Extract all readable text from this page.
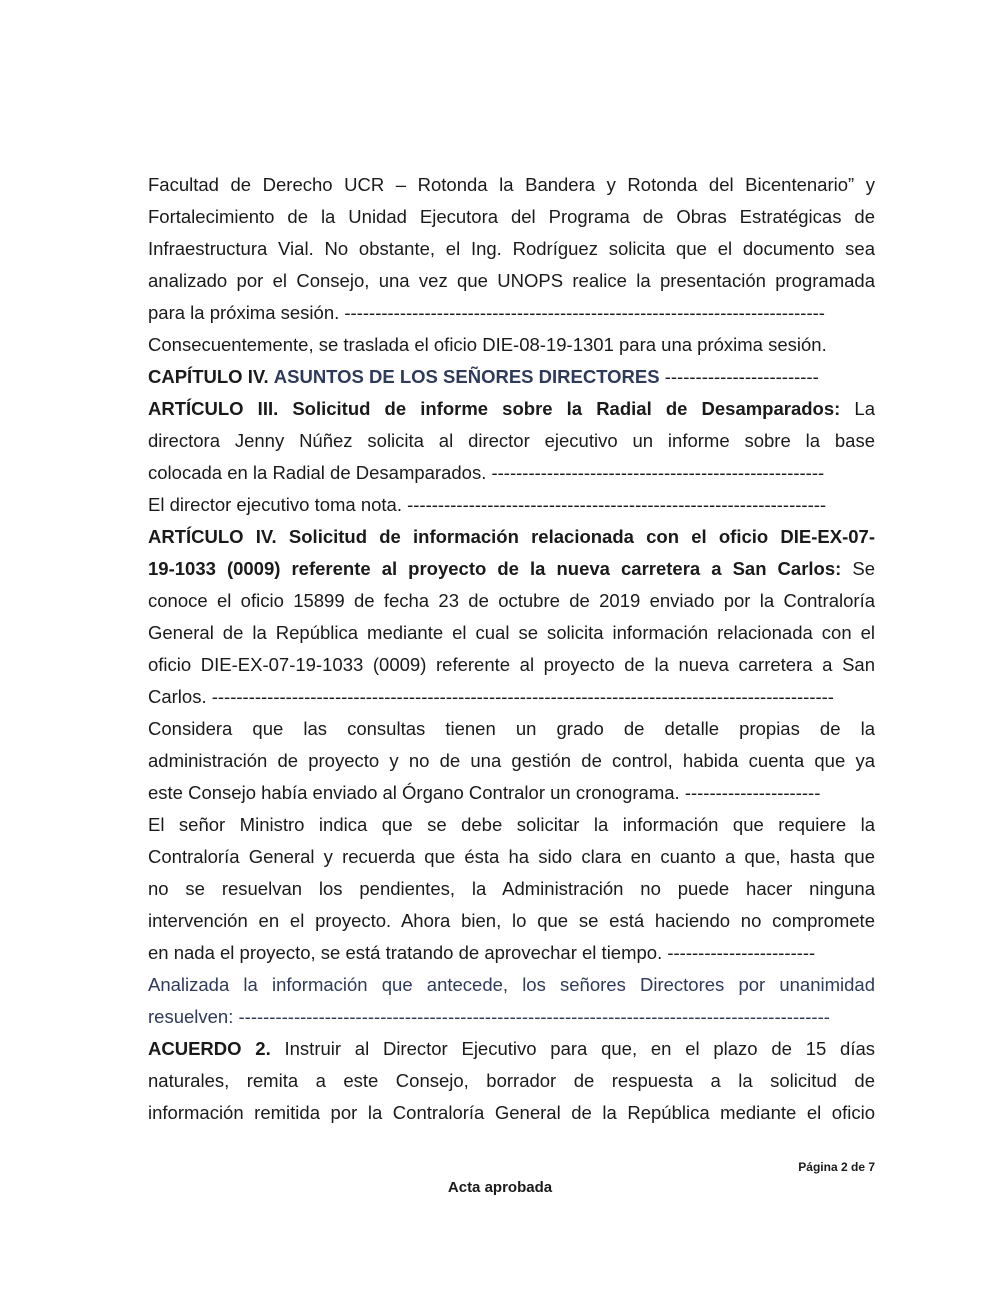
Facultad de Derecho UCR – Rotonda la Bandera y Rotonda del Bicentenario” y
Fortalecimiento de la Unidad Ejecutora del Programa de Obras Estratégicas de
Infraestructura Vial. No obstante, el Ing. Rodríguez solicita que el documento sea
analizado por el Consejo, una vez que UNOPS realice la presentación programada
para la próxima sesión. ------------------------------------------------------------------------------
Consecuentemente, se traslada el oficio DIE-08-19-1301 para una próxima sesión.
CAPÍTULO IV. ASUNTOS DE LOS SEÑORES DIRECTORES -------------------------
ARTÍCULO III. Solicitud de informe sobre la Radial de Desamparados: La
directora Jenny Núñez solicita al director ejecutivo un informe sobre la base
colocada en la Radial de Desamparados. ------------------------------------------------------
El director ejecutivo toma nota. --------------------------------------------------------------------
ARTÍCULO IV. Solicitud de información relacionada con el oficio DIE-EX-07-
19-1033 (0009) referente al proyecto de la nueva carretera a San Carlos: Se
conoce el oficio 15899 de fecha 23 de octubre de 2019 enviado por la Contraloría
General de la República mediante el cual se solicita información relacionada con el
oficio DIE-EX-07-19-1033 (0009) referente al proyecto de la nueva carretera a San
Carlos. -----------------------------------------------------------------------------------------------------
Considera que las consultas tienen un grado de detalle propias de la
administración de proyecto y no de una gestión de control, habida cuenta que ya
este Consejo había enviado al Órgano Contralor un cronograma. ----------------------
El señor Ministro indica que se debe solicitar la información que requiere la
Contraloría General y recuerda que ésta ha sido clara en cuanto a que, hasta que
no se resuelvan los pendientes, la Administración no puede hacer ninguna
intervención en el proyecto. Ahora bien, lo que se está haciendo no compromete
en nada el proyecto, se está tratando de aprovechar el tiempo. ------------------------
Analizada la información que antecede, los señores Directores por unanimidad
resuelven: ------------------------------------------------------------------------------------------------
ACUERDO 2. Instruir al Director Ejecutivo para que, en el plazo de 15 días
naturales, remita a este Consejo, borrador de respuesta a la solicitud de
información remitida por la Contraloría General de la República mediante el oficio
Página 2 de 7
Acta aprobada
